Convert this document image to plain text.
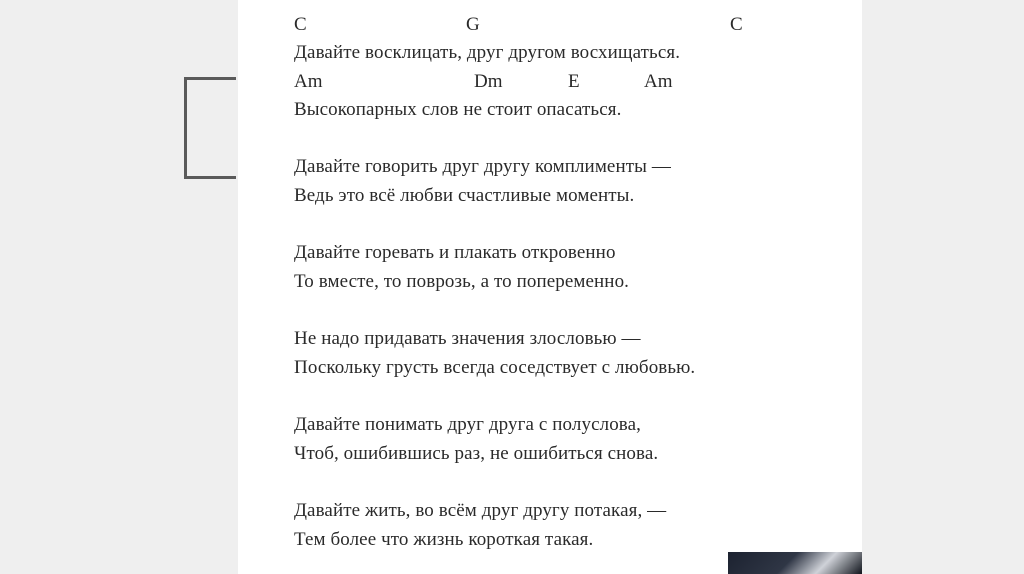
C	G	C
Давайте восклицать, друг другом восхищаться.
Am	Dm	E	Am
Высокопарных слов не стоит опасаться.
Давайте говорить друг другу комплименты —
Ведь это всё любви счастливые моменты.
Давайте горевать и плакать откровенно
То вместе, то поврозь, а то попеременно.
Не надо придавать значения злословью —
Поскольку грусть всегда соседствует с любовью.
Давайте понимать друг друга с полуслова,
Чтоб, ошибившись раз, не ошибиться снова.
Давайте жить, во всём друг другу потакая, —
Тем более что жизнь короткая такая.
